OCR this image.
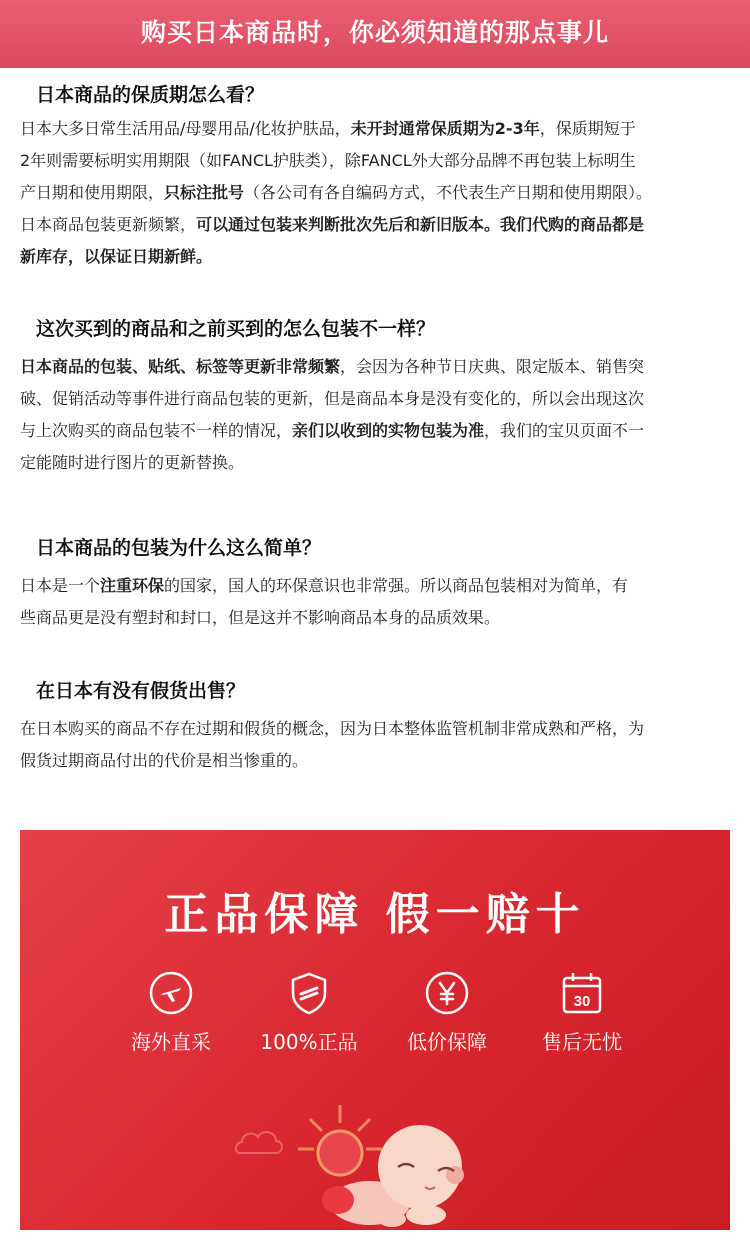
购买日本商品时，你必须知道的那点事儿
日本商品的保质期怎么看？
日本大多日常生活用品/母婴用品/化妆护肤品，未开封通常保质期为2-3年，保质期短于
2年则需要标明实用期限（如FANCL护肤类），除FANCL外大部分品牌不再包装上标明生
产日期和使用期限，只标注批号（各公司有各自编码方式，不代表生产日期和使用期限）。
日本商品包装更新频繁，可以通过包装来判断批次先后和新旧版本。我们代购的商品都是
新库存，以保证日期新鲜。
这次买到的商品和之前买到的怎么包装不一样？
日本商品的包装、贴纸、标签等更新非常频繁，会因为各种节日庆典、限定版本、销售突
破、促销活动等事件进行商品包装的更新，但是商品本身是没有变化的，所以会出现这次
与上次购买的商品包装不一样的情况，亲们以收到的实物包装为准，我们的宝贝页面不一
定能随时进行图片的更新替换。
日本商品的包装为什么这么简单？
日本是一个注重环保的国家，国人的环保意识也非常强。所以商品包装相对为简单，有
些商品更是没有塑封和封口，但是这并不影响商品本身的品质效果。
在日本有没有假货出售？
在日本购买的商品不存在过期和假货的概念，因为日本整体监管机制非常成熟和严格，为
假货过期商品付出的代价是相当惨重的。
正品保障 假一赔十
海外直采	100%正品	低价保障
30
售后无忧
